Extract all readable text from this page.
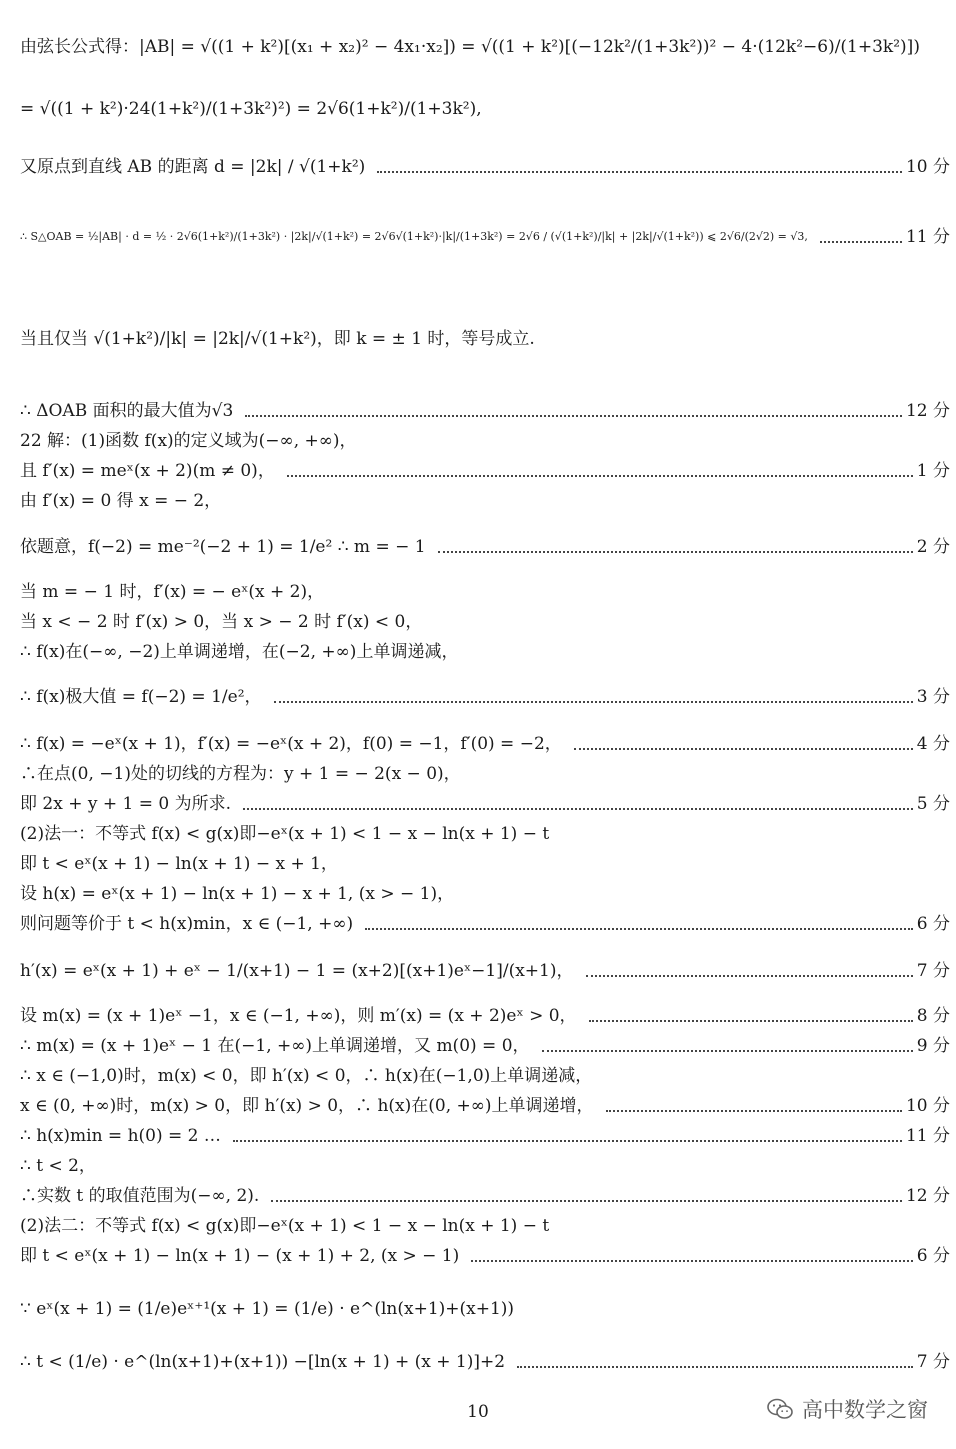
由弦长公式得：|AB| = √((1 + k²)[(x₁ + x₂)² − 4x₁·x₂]) = √((1 + k²)[(−12k²/(1+3k²))² − 4·(12k²−6)/(1+3k²)])
= √((1 + k²)·24(1+k²)/(1+3k²)²) = 2√6(1+k²)/(1+3k²),
又原点到直线 AB 的距离 d = |2k| / √(1+k²)	10 分
∴ S△OAB = ½|AB| · d = ½ · 2√6(1+k²)/(1+3k²) · |2k|/√(1+k²) = 2√6√(1+k²)·|k|/(1+3k²) = 2√6 / (√(1+k²)/|k| + |2k|/√(1+k²)) ⩽ 2√6/(2√2) = √3,	11 分
当且仅当 √(1+k²)/|k| = |2k|/√(1+k²)，即 k = ± 1 时，等号成立.
∴ ΔOAB 面积的最大值为√3	12 分
22 解：(1)函数 f(x)的定义域为(−∞, +∞)，
且 f′(x) = meˣ(x + 2)(m ≠ 0)，	1 分
由 f′(x) = 0 得 x = − 2，
依题意，f(−2) = me⁻²(−2 + 1) = 1/e² ∴ m = − 1	2 分
当 m = − 1 时，f′(x) = − eˣ(x + 2)，
当 x < − 2 时 f′(x) > 0，当 x > − 2 时 f′(x) < 0，
∴ f(x)在(−∞, −2)上单调递增，在(−2, +∞)上单调递减，
∴ f(x)极大值 = f(−2) = 1/e²，	3 分
∴ f(x) = −eˣ(x + 1)，f′(x) = −eˣ(x + 2)，f(0) = −1，f′(0) = −2，	4 分
∴在点(0, −1)处的切线的方程为：y + 1 = − 2(x − 0)，
即 2x + y + 1 = 0 为所求.	5 分
(2)法一：不等式 f(x) < g(x)即−eˣ(x + 1) < 1 − x − ln(x + 1) − t
即 t < eˣ(x + 1) − ln(x + 1) − x + 1，
设 h(x) = eˣ(x + 1) − ln(x + 1) − x + 1, (x > − 1)，
则问题等价于 t < h(x)min，x ∈ (−1, +∞)	6 分
h′(x) = eˣ(x + 1) + eˣ − 1/(x+1) − 1 = (x+2)[(x+1)eˣ−1]/(x+1)，	7 分
设 m(x) = (x + 1)eˣ −1，x ∈ (−1, +∞)，则 m′(x) = (x + 2)eˣ > 0，	8 分
∴ m(x) = (x + 1)eˣ − 1 在(−1, +∞)上单调递增，又 m(0) = 0，	9 分
∴ x ∈ (−1,0)时，m(x) < 0，即 h′(x) < 0，∴ h(x)在(−1,0)上单调递减，
x ∈ (0, +∞)时，m(x) > 0，即 h′(x) > 0，∴ h(x)在(0, +∞)上单调递增，	10 分
∴ h(x)min = h(0) = 2 …	11 分
∴ t < 2，
∴实数 t 的取值范围为(−∞, 2).	12 分
(2)法二：不等式 f(x) < g(x)即−eˣ(x + 1) < 1 − x − ln(x + 1) − t
即 t < eˣ(x + 1) − ln(x + 1) − (x + 1) + 2, (x > − 1)	6 分
∵ eˣ(x + 1) = (1/e)eˣ⁺¹(x + 1) = (1/e) · e^(ln(x+1)+(x+1))
∴ t < (1/e) · e^(ln(x+1)+(x+1)) −[ln(x + 1) + (x + 1)]+2	7 分
10	高中数学之窗
